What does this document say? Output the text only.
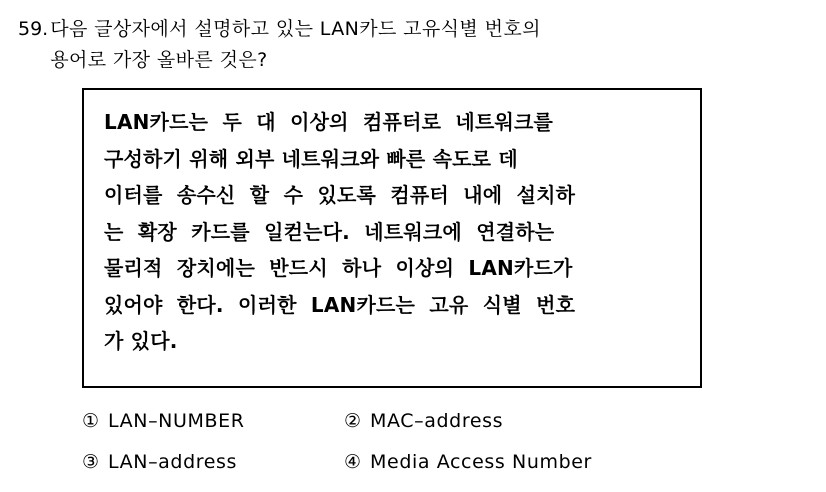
59. 다음 글상자에서 설명하고 있는 LAN카드 고유식별 번호의
용어로 가장 올바른 것은?
LAN카드는  두  대  이상의  컴퓨터로  네트워크를
구성하기 위해 외부 네트워크와 빠른 속도로 데
이터를  송수신  할  수  있도록  컴퓨터  내에  설치하
는  확장  카드를  일컫는다.  네트워크에  연결하는
물리적  장치에는  반드시  하나  이상의  LAN카드가
있어야  한다.  이러한  LAN카드는  고유  식별  번호
가 있다.
① LAN–NUMBER	② MAC–address
③ LAN–address	④ Media Access Number
